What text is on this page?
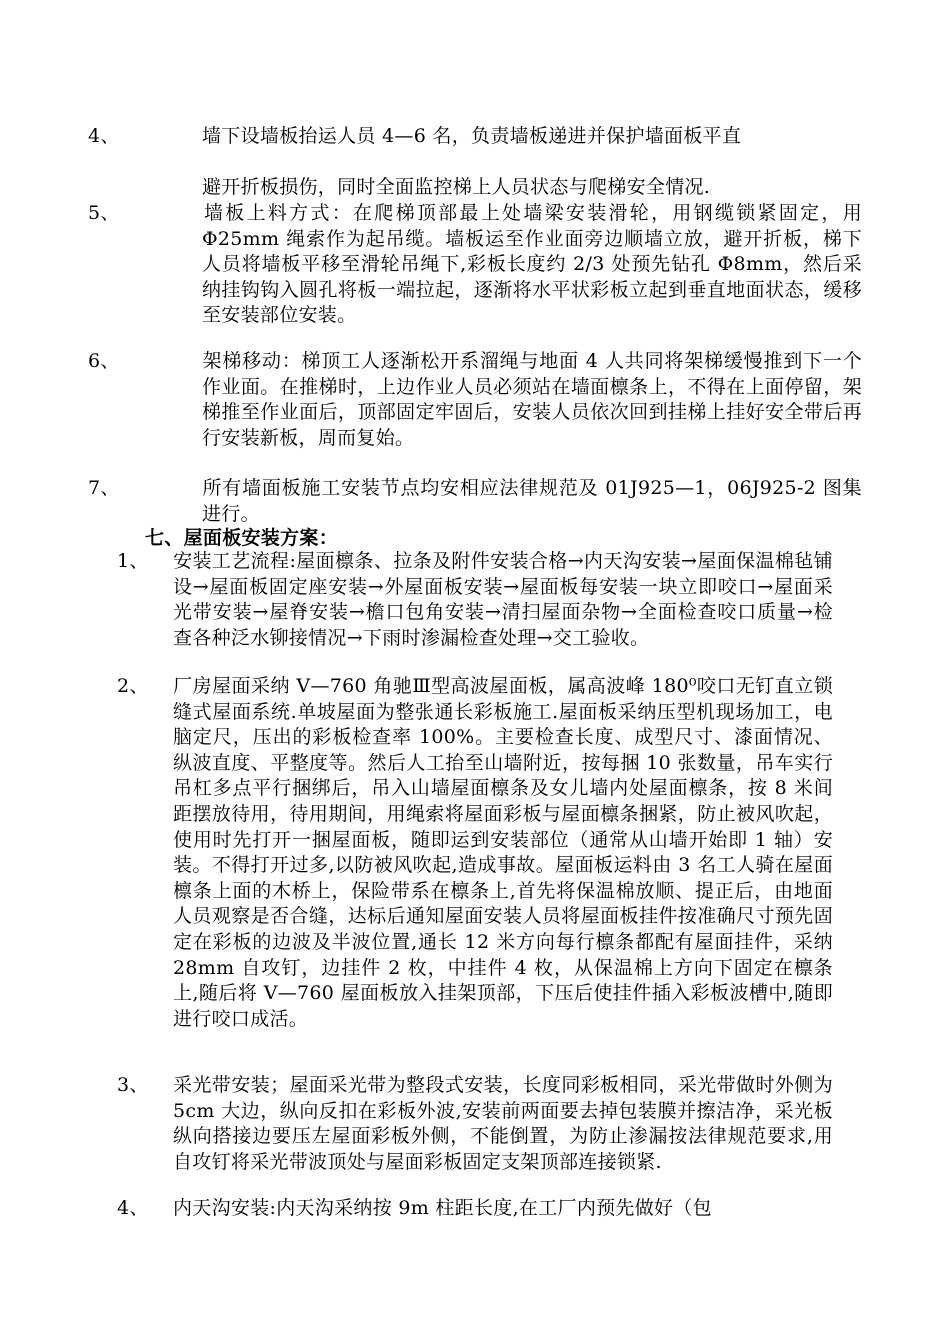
4、	墙下设墙板抬运人员 4—6 名，负责墙板递进并保护墙面板平直

避开折板损伤，同时全面监控梯上人员状态与爬梯安全情况.

5、	墙板上料方式：在爬梯顶部最上处墙梁安装滑轮，用钢缆锁紧固定，用 Φ25mm 绳索作为起吊缆。墙板运至作业面旁边顺墙立放，避开折板，梯下人员将墙板平移至滑轮吊绳下,彩板长度约 2/3 处预先钻孔 Φ8mm，然后采纳挂钩钩入圆孔将板一端拉起，逐渐将水平状彩板立起到垂直地面状态，缓移至安装部位安装。

6、	架梯移动：梯顶工人逐渐松开系溜绳与地面 4 人共同将架梯缓慢推到下一个作业面。在推梯时，上边作业人员必须站在墙面檩条上，不得在上面停留，架梯推至作业面后，顶部固定牢固后，安装人员依次回到挂梯上挂好安全带后再行安装新板，周而复始。

7、	所有墙面板施工安装节点均安相应法律规范及 01J925—1，06J925-2 图集进行。

七、屋面板安装方案：

1、 安装工艺流程:屋面檩条、拉条及附件安装合格→内天沟安装→屋面保温棉毡铺设→屋面板固定座安装→外屋面板安装→屋面板每安装一块立即咬口→屋面采光带安装→屋脊安装→檐口包角安装→清扫屋面杂物→全面检查咬口质量→检查各种泛水铆接情况→下雨时渗漏检查处理→交工验收。

2、 厂房屋面采纳 V—760 角驰Ⅲ型高波屋面板，属高波峰 180⁰咬口无钉直立锁缝式屋面系统.单坡屋面为整张通长彩板施工.屋面板采纳压型机现场加工，电脑定尺，压出的彩板检查率 100%。主要检查长度、成型尺寸、漆面情况、纵波直度、平整度等。然后人工抬至山墙附近，按每捆 10 张数量，吊车实行吊杠多点平行捆绑后，吊入山墙屋面檩条及女儿墙内处屋面檩条，按 8 米间距摆放待用，待用期间，用绳索将屋面彩板与屋面檩条捆紧，防止被风吹起，使用时先打开一捆屋面板，随即运到安装部位（通常从山墙开始即 1 轴）安装。不得打开过多,以防被风吹起,造成事故。屋面板运料由 3 名工人骑在屋面檩条上面的木桥上，保险带系在檩条上,首先将保温棉放顺、提正后，由地面人员观察是否合缝，达标后通知屋面安装人员将屋面板挂件按准确尺寸预先固定在彩板的边波及半波位置,通长 12 米方向每行檩条都配有屋面挂件，采纳 28mm 自攻钉，边挂件 2 枚，中挂件 4 枚，从保温棉上方向下固定在檩条上,随后将 V—760 屋面板放入挂架顶部，下压后使挂件插入彩板波槽中,随即进行咬口成活。

3、 采光带安装；屋面采光带为整段式安装，长度同彩板相同，采光带做时外侧为 5cm 大边，纵向反扣在彩板外波,安装前两面要去掉包装膜并擦洁净，采光板纵向搭接边要压左屋面彩板外侧，不能倒置，为防止渗漏按法律规范要求,用自攻钉将采光带波顶处与屋面彩板固定支架顶部连接锁紧.

4、 内天沟安装:内天沟采纳按 9m 柱距长度,在工厂内预先做好（包
